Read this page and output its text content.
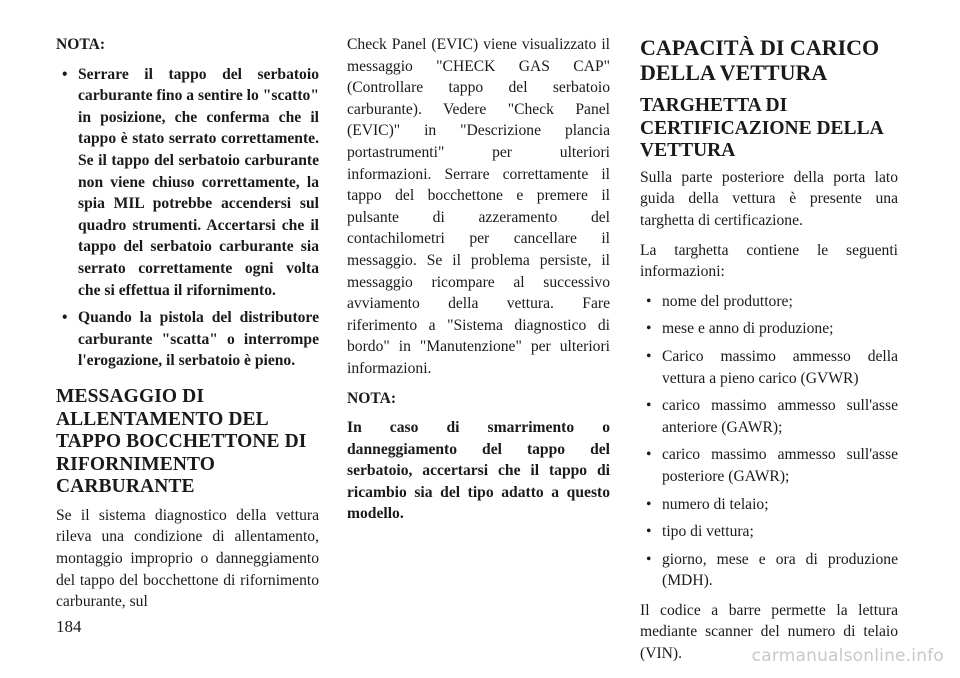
NOTA:

• Serrare il tappo del serbatoio carburante fino a sentire lo "scatto" in posizione, che conferma che il tappo è stato serrato correttamente. Se il tappo del serbatoio carburante non viene chiuso correttamente, la spia MIL potrebbe accendersi sul quadro strumenti. Accertarsi che il tappo del serbatoio carburante sia serrato correttamente ogni volta che si effettua il rifornimento.
• Quando la pistola del distributore carburante "scatta" o interrompe l'erogazione, il serbatoio è pieno.
MESSAGGIO DI ALLENTAMENTO DEL TAPPO BOCCHETTONE DI RIFORNIMENTO CARBURANTE

Se il sistema diagnostico della vettura rileva una condizione di allentamento, montaggio improprio o danneggiamento del tappo del bocchettone di rifornimento carburante, sul

Check Panel (EVIC) viene visualizzato il messaggio "CHECK GAS CAP" (Controllare tappo del serbatoio carburante). Vedere "Check Panel (EVIC)" in "Descrizione plancia portastrumenti" per ulteriori informazioni. Serrare correttamente il tappo del bocchettone e premere il pulsante di azzeramento del contachilometri per cancellare il messaggio. Se il problema persiste, il messaggio ricompare al successivo avviamento della vettura. Fare riferimento a "Sistema diagnostico di bordo" in "Manutenzione" per ulteriori informazioni.

NOTA:

In caso di smarrimento o danneggiamento del tappo del serbatoio, accertarsi che il tappo di ricambio sia del tipo adatto a questo modello.

CAPACITÀ DI CARICO DELLA VETTURA
TARGHETTA DI CERTIFICAZIONE DELLA VETTURA

Sulla parte posteriore della porta lato guida della vettura è presente una targhetta di certificazione.

La targhetta contiene le seguenti informazioni:

• nome del produttore;
• mese e anno di produzione;
• Carico massimo ammesso della vettura a pieno carico (GVWR)
• carico massimo ammesso sull'asse anteriore (GAWR);
• carico massimo ammesso sull'asse posteriore (GAWR);
• numero di telaio;
• tipo di vettura;
• giorno, mese e ora di produzione (MDH).

Il codice a barre permette la lettura mediante scanner del numero di telaio (VIN).

184
carmanualsonline.info
